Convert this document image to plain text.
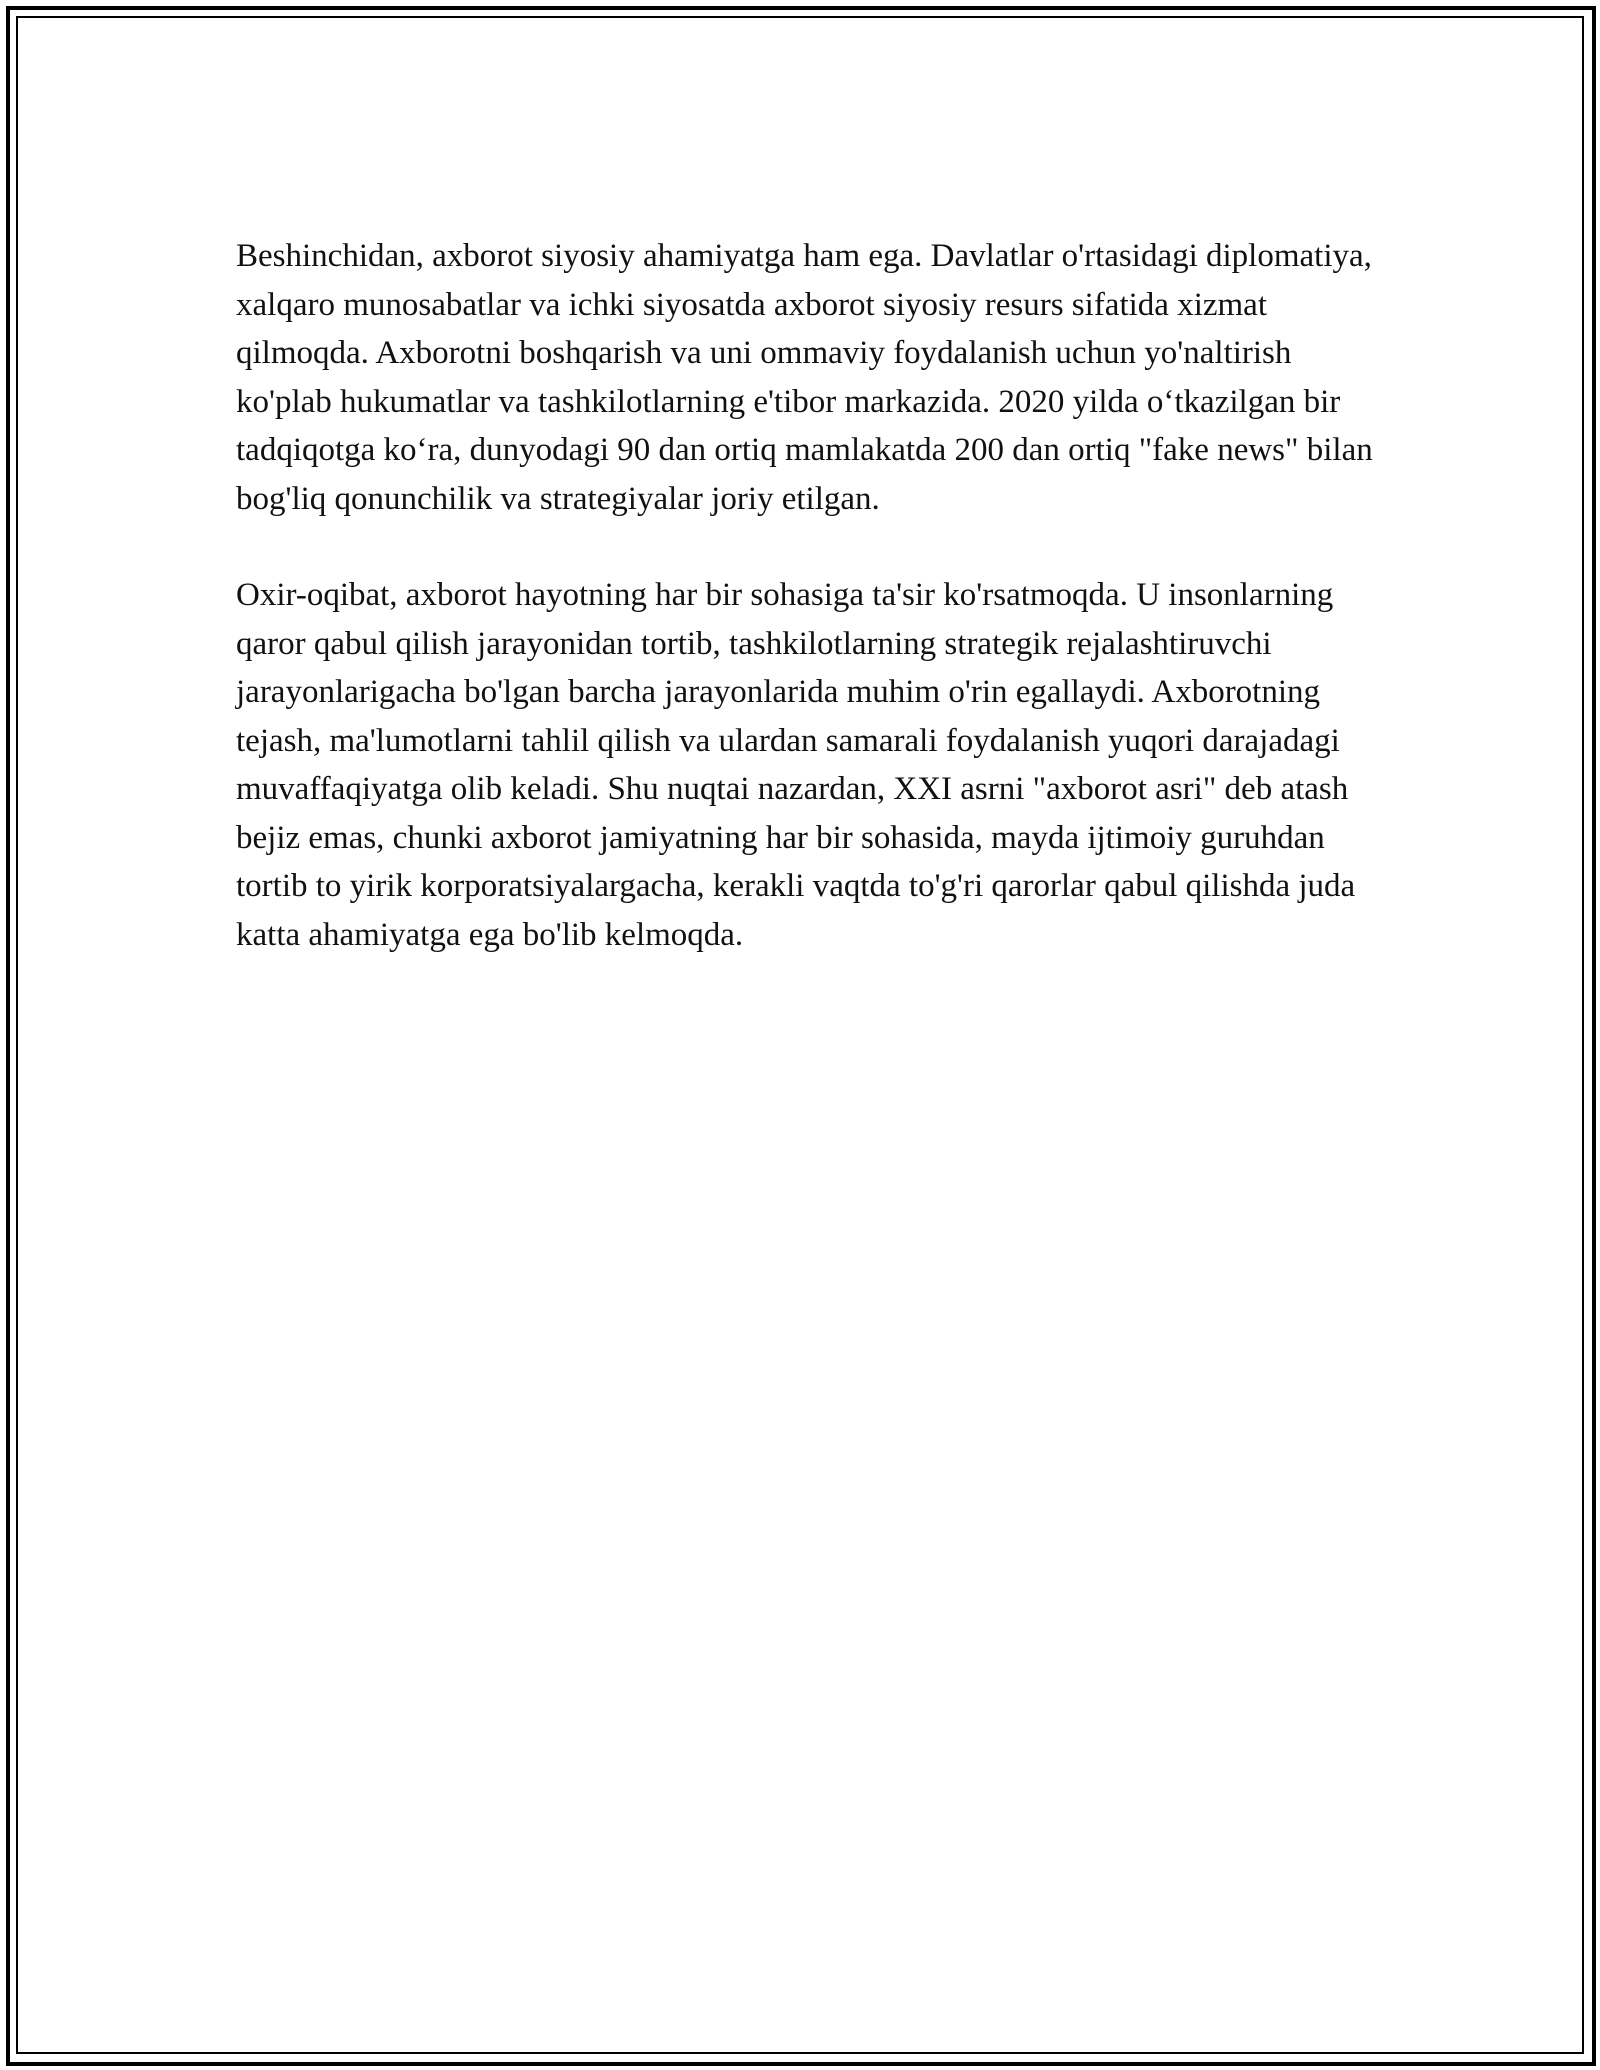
Beshinchidan, axborot siyosiy ahamiyatga ham ega. Davlatlar o'rtasidagi diplomatiya, xalqaro munosabatlar va ichki siyosatda axborot siyosiy resurs sifatida xizmat qilmoqda. Axborotni boshqarish va uni ommaviy foydalanish uchun yo'naltirish ko'plab hukumatlar va tashkilotlarning e'tibor markazida. 2020 yilda o‘tkazilgan bir tadqiqotga ko‘ra, dunyodagi 90 dan ortiq mamlakatda 200 dan ortiq "fake news" bilan bog'liq qonunchilik va strategiyalar joriy etilgan.

Oxir-oqibat, axborot hayotning har bir sohasiga ta'sir ko'rsatmoqda. U insonlarning qaror qabul qilish jarayonidan tortib, tashkilotlarning strategik rejalashtiruvchi jarayonlarigacha bo'lgan barcha jarayonlarida muhim o'rin egallaydi. Axborotning tejash, ma'lumotlarni tahlil qilish va ulardan samarali foydalanish yuqori darajadagi muvaffaqiyatga olib keladi. Shu nuqtai nazardan, XXI asrni "axborot asri" deb atash bejiz emas, chunki axborot jamiyatning har bir sohasida, mayda ijtimoiy guruhdan tortib to yirik korporatsiyalargacha, kerakli vaqtda to'g'ri qarorlar qabul qilishda juda katta ahamiyatga ega bo'lib kelmoqda.
